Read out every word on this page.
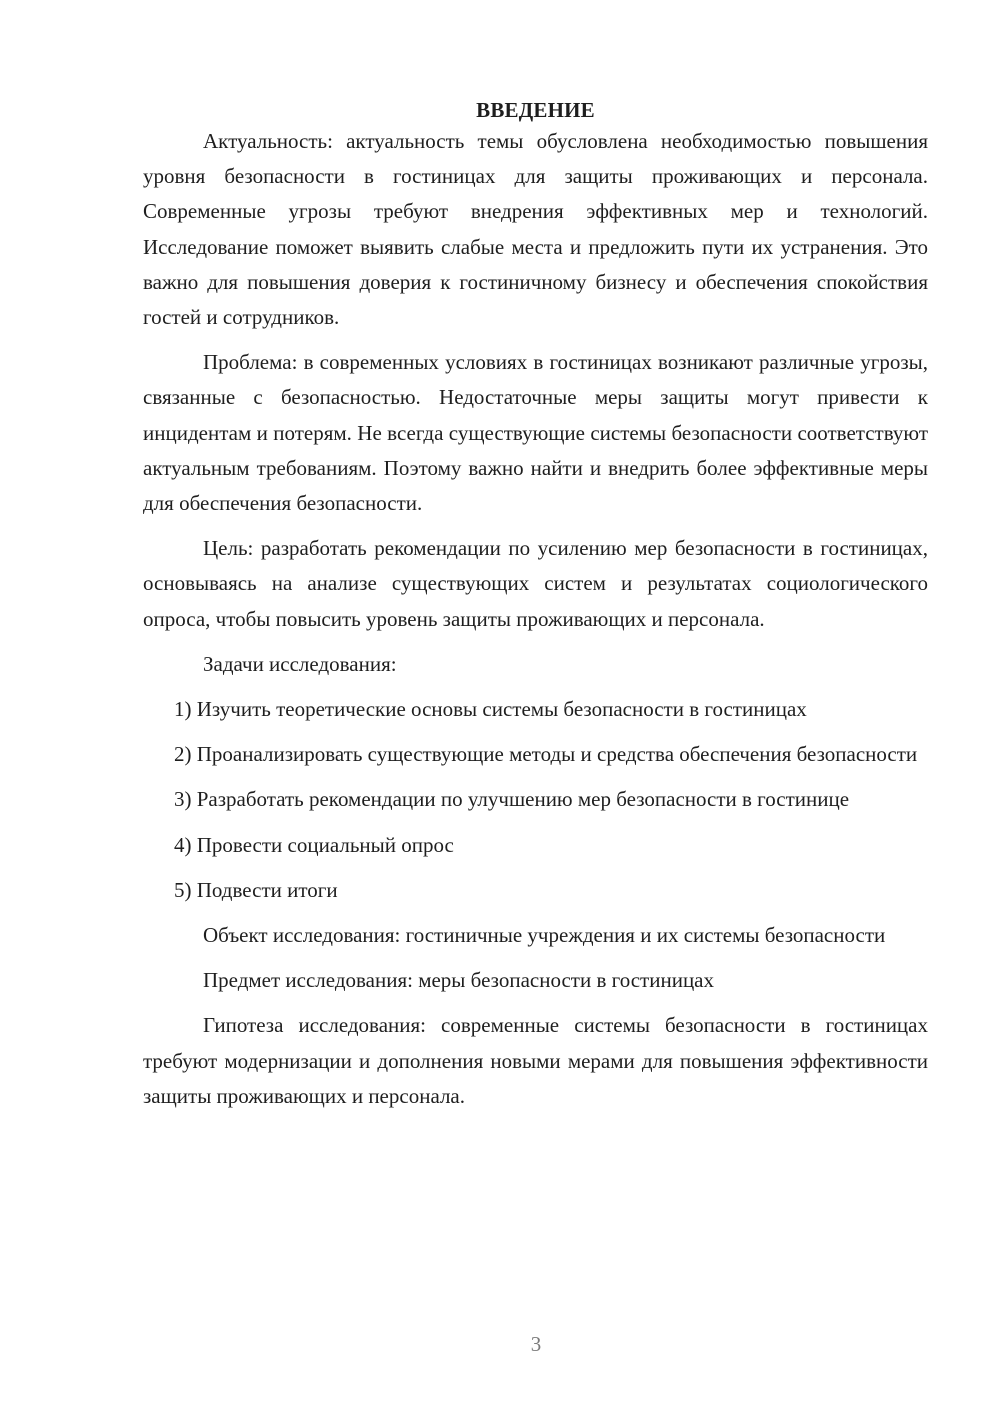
ВВЕДЕНИЕ

Актуальность: актуальность темы обусловлена необходимостью повышения уровня безопасности в гостиницах для защиты проживающих и персонала. Современные угрозы требуют внедрения эффективных мер и технологий. Исследование поможет выявить слабые места и предложить пути их устранения. Это важно для повышения доверия к гостиничному бизнесу и обеспечения спокойствия гостей и сотрудников.

Проблема: в современных условиях в гостиницах возникают различные угрозы, связанные с безопасностью. Недостаточные меры защиты могут привести к инцидентам и потерям. Не всегда существующие системы безопасности соответствуют актуальным требованиям. Поэтому важно найти и внедрить более эффективные меры для обеспечения безопасности.

Цель: разработать рекомендации по усилению мер безопасности в гостиницах, основываясь на анализе существующих систем и результатах социологического опроса, чтобы повысить уровень защиты проживающих и персонала.

Задачи исследования:

1) Изучить теоретические основы системы безопасности в гостиницах

2) Проанализировать существующие методы и средства обеспечения безопасности

3) Разработать рекомендации по улучшению мер безопасности в гостинице

4) Провести социальный опрос

5) Подвести итоги

Объект исследования: гостиничные учреждения и их системы безопасности

Предмет исследования: меры безопасности в гостиницах

Гипотеза исследования: современные системы безопасности в гостиницах требуют модернизации и дополнения новыми мерами для повышения эффективности защиты проживающих и персонала.

3
